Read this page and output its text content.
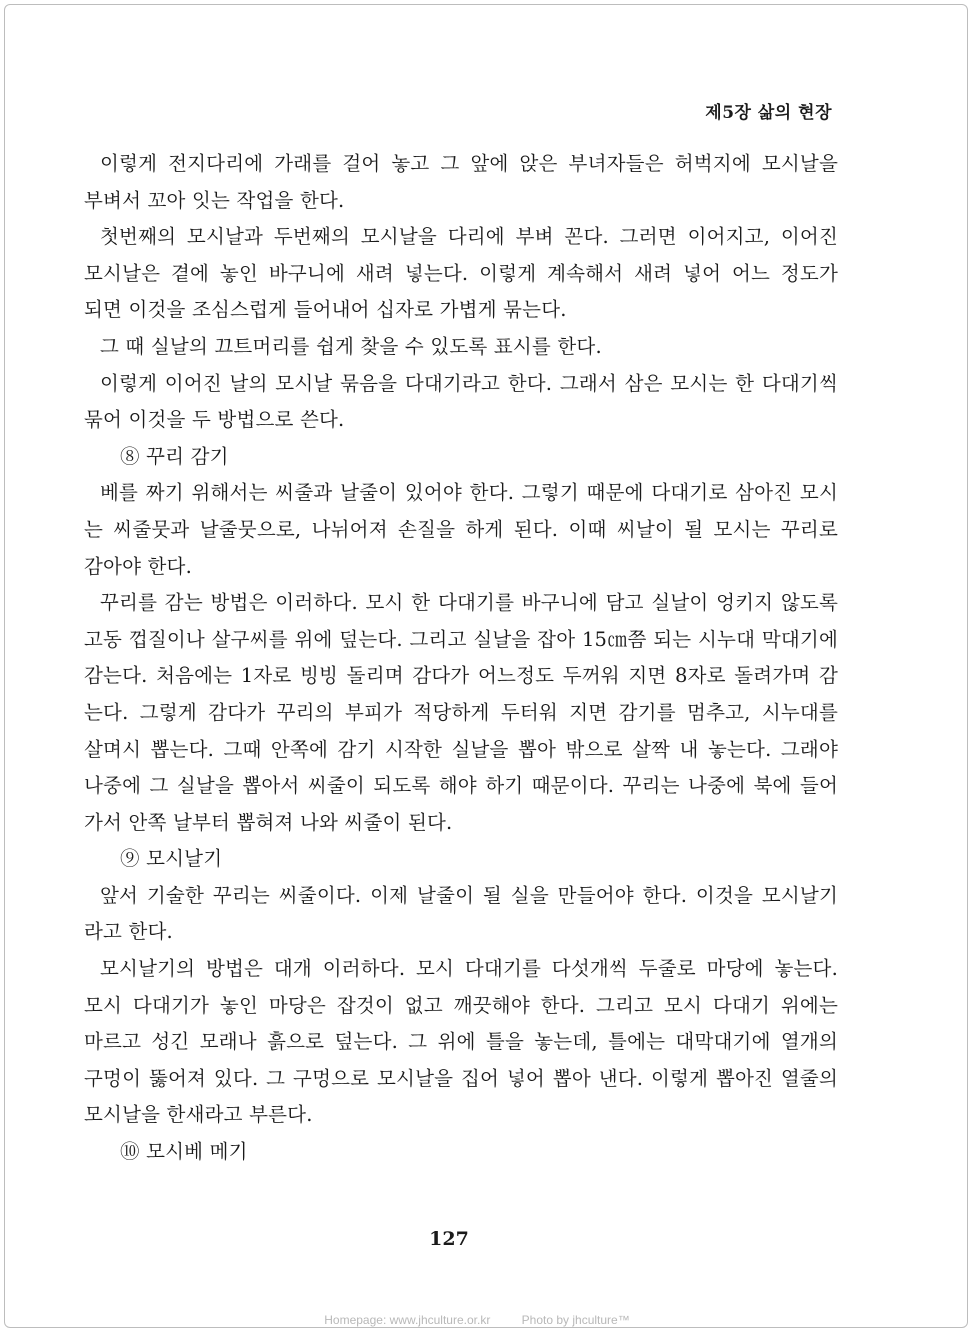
제5장 삶의 현장
이렇게 전지다리에 가래를 걸어 놓고 그 앞에 앉은 부녀자들은 허벅지에 모시날을
부벼서 꼬아 잇는 작업을 한다.
첫번째의 모시날과 두번째의 모시날을 다리에 부벼 꼰다. 그러면 이어지고, 이어진
모시날은 곁에 놓인 바구니에 새려 넣는다. 이렇게 계속해서 새려 넣어 어느 정도가
되면 이것을 조심스럽게 들어내어 십자로 가볍게 묶는다.
그 때 실날의 끄트머리를 쉽게 찾을 수 있도록 표시를 한다.
이렇게 이어진 날의 모시날 묶음을 다대기라고 한다. 그래서 삼은 모시는 한 다대기씩
묶어 이것을 두 방법으로 쓴다.
⑧ 꾸리 감기
베를 짜기 위해서는 씨줄과 날줄이 있어야 한다. 그렇기 때문에 다대기로 삼아진 모시
는 씨줄뭇과 날줄뭇으로, 나뉘어져 손질을 하게 된다. 이때 씨날이 될 모시는 꾸리로
감아야 한다.
꾸리를 감는 방법은 이러하다. 모시 한 다대기를 바구니에 담고 실날이 엉키지 않도록
고동 껍질이나 살구씨를 위에 덮는다. 그리고 실날을 잡아 15㎝쯤 되는 시누대 막대기에
감는다. 처음에는 1자로 빙빙 돌리며 감다가 어느정도 두꺼워 지면 8자로 돌려가며 감
는다. 그렇게 감다가 꾸리의 부피가 적당하게 두터워 지면 감기를 멈추고, 시누대를
살며시 뽑는다. 그때 안쪽에 감기 시작한 실날을 뽑아 밖으로 살짝 내 놓는다. 그래야
나중에 그 실날을 뽑아서 씨줄이 되도록 해야 하기 때문이다. 꾸리는 나중에 북에 들어
가서 안쪽 날부터 뽑혀져 나와 씨줄이 된다.
⑨ 모시날기
앞서 기술한 꾸리는 씨줄이다. 이제 날줄이 될 실을 만들어야 한다. 이것을 모시날기
라고 한다.
모시날기의 방법은 대개 이러하다. 모시 다대기를 다섯개씩 두줄로 마당에 놓는다.
모시 다대기가 놓인 마당은 잡것이 없고 깨끗해야 한다. 그리고 모시 다대기 위에는
마르고 성긴 모래나 흙으로 덮는다. 그 위에 틀을 놓는데, 틀에는 대막대기에 열개의
구멍이 뚫어져 있다. 그 구멍으로 모시날을 집어 넣어 뽑아 낸다. 이렇게 뽑아진 열줄의
모시날을 한새라고 부른다.
⑩ 모시베 메기
127
Homepage: www.jhculture.or.kr	Photo by jhculture™
